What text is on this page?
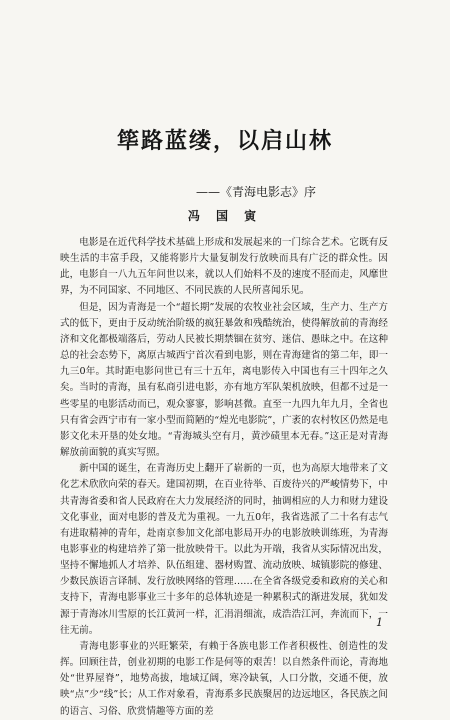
筚路蓝缕，以启山林
——《青海电影志》序
冯 国 寅

电影是在近代科学技术基础上形成和发展起来的一门综合艺术。它既有反映生活的丰富手段，又能将影片大量复制发行放映而具有广泛的群众性。因此，电影自一八九五年问世以来，就以人们始料不及的速度不胫而走，风靡世界，为不同国家、不同地区、不同民族的人民所喜闻乐见。

但是，因为青海是一个“超长期”发展的农牧业社会区域，生产力、生产方式的低下，更由于反动统治阶级的疯狂暴敛和残酷统治，使得解放前的青海经济和文化都极端落后，劳动人民被长期禁锢在贫穷、迷信、愚昧之中。在这种总的社会态势下，离原古城西宁首次看到电影，则在青海建省的第二年，即一九三0年。其时距电影问世已有三十五年，离电影传入中国也有三十四年之久矣。当时的青海，虽有私商引进电影，亦有地方军队架机放映，但都不过是一些零星的电影活动而已，观众寥寥，影响甚微。直至一九四九年九月，全省也只有省会西宁市有一家小型而简陋的“煌光电影院”，广袤的农村牧区仍然是电影文化未开垦的处女地。“青海城头空有月，黄沙碛里本无春。”这正是对青海解放前面貌的真实写照。

新中国的诞生，在青海历史上翻开了崭新的一页，也为高原大地带来了文化艺术欣欣向荣的春天。建国初期，在百业待举、百废待兴的严峻情势下，中共青海省委和省人民政府在大力发展经济的同时，抽调相应的人力和财力建设文化事业，面对电影的普及尤为重视。一九五0年，我省选派了二十名有志气有进取精神的青年，赴南京参加文化部电影局开办的电影放映训练班，为青海电影事业的构建培养了第一批放映骨干。以此为开端，我省从实际情况出发，坚持不懈地抓人才培养、队伍组建、器材购置、流动放映、城镇影院的修建、少数民族语言译制、发行放映网络的管理……在全省各级党委和政府的关心和支持下，青海电影事业三十多年的总体轨迹是一种累积式的渐进发展，犹如发源于青海冰川雪原的长江黄河一样，汇涓涓细流，成浩浩江河，奔流而下，一往无前。

青海电影事业的兴旺繁荣，有赖于各族电影工作者积极性、创造性的发挥。回顾往昔，创业初期的电影工作是何等的艰苦！以自然条件而论，青海地处“世界屋脊”，地势高拔，地域辽阔，寒冷缺氧，人口分散，交通不便，放映“点”少“线”长；从工作对象看，青海系多民族聚居的边远地区，各民族之间的语言、习俗、欣赏情趣等方面的差

1
